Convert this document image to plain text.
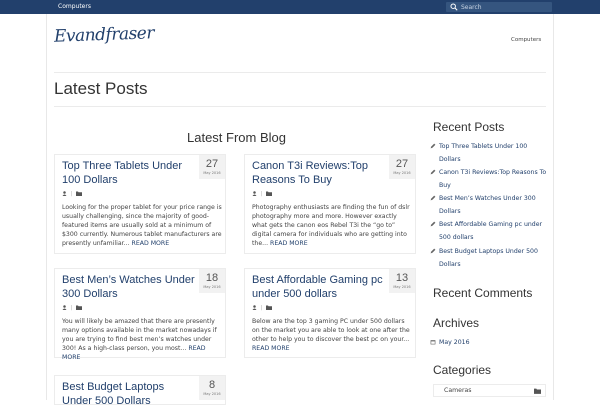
Computers	Search
Evandfraser	Computers
Latest Posts
Latest From Blog
Top Three Tablets Under 100 Dollars
27
May 2016
|
Looking for the proper tablet for your price range is usually challenging, since the majority of good-featured items are usually sold at a minimum of $300 currently. Numerous tablet manufacturers are presently unfamiliar... READ MORE
Canon T3i Reviews:Top Reasons To Buy
27
May 2016
|
Photography enthusiasts are finding the fun of dslr photography more and more. However exactly what gets the canon eos Rebel T3i the “go to” digital camera for individuals who are getting into the... READ MORE
Best Men’s Watches Under 300 Dollars
18
May 2016
|
You will likely be amazed that there are presently many options available in the market nowadays if you are trying to find best men’s watches under 300! As a high-class person, you most... READ MORE
Best Affordable Gaming pc under 500 dollars
13
May 2016
|
Below are the top 3 gaming PC under 500 dollars on the market you are able to look at one after the other to help you to discover the best pc on your... READ MORE
Best Budget Laptops Under 500 Dollars
8
May 2016
Recent Posts
Top Three Tablets Under 100 Dollars
Canon T3i Reviews:Top Reasons To Buy
Best Men’s Watches Under 300 Dollars
Best Affordable Gaming pc under 500 dollars
Best Budget Laptops Under 500 Dollars
Recent Comments
Archives
May 2016
Categories
Cameras
